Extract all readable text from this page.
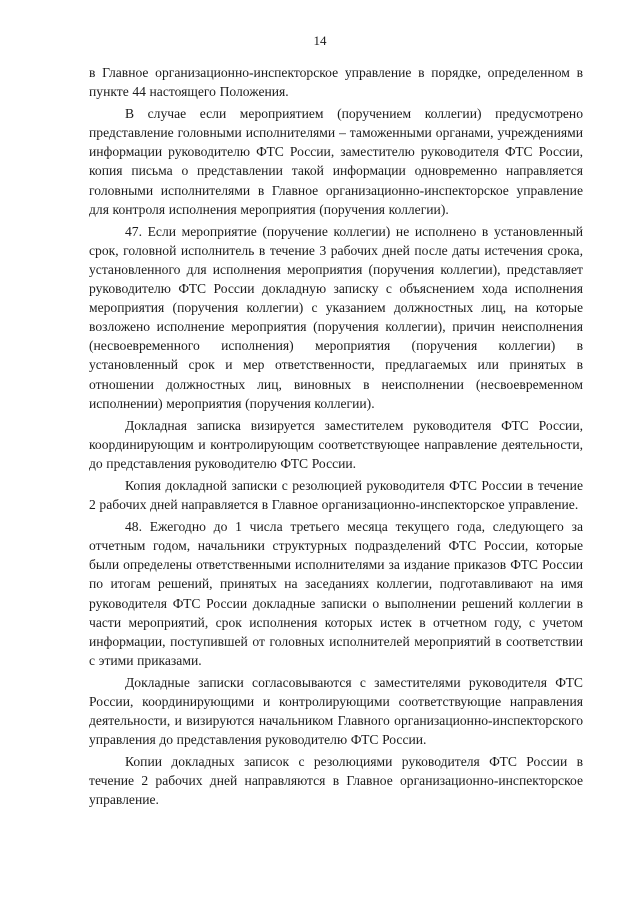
14

в Главное организационно-инспекторское управление в порядке, определенном в пункте 44 настоящего Положения.

В случае если мероприятием (поручением коллегии) предусмотрено представление головными исполнителями – таможенными органами, учреждениями информации руководителю ФТС России, заместителю руководителя ФТС России, копия письма о представлении такой информации одновременно направляется головными исполнителями в Главное организационно-инспекторское управление для контроля исполнения мероприятия (поручения коллегии).

47. Если мероприятие (поручение коллегии) не исполнено в установленный срок, головной исполнитель в течение 3 рабочих дней после даты истечения срока, установленного для исполнения мероприятия (поручения коллегии), представляет руководителю ФТС России докладную записку с объяснением хода исполнения мероприятия (поручения коллегии) с указанием должностных лиц, на которые возложено исполнение мероприятия (поручения коллегии), причин неисполнения (несвоевременного исполнения) мероприятия (поручения коллегии) в установленный срок и мер ответственности, предлагаемых или принятых в отношении должностных лиц, виновных в неисполнении (несвоевременном исполнении) мероприятия (поручения коллегии).

Докладная записка визируется заместителем руководителя ФТС России, координирующим и контролирующим соответствующее направление деятельности, до представления руководителю ФТС России.

Копия докладной записки с резолюцией руководителя ФТС России в течение 2 рабочих дней направляется в Главное организационно-инспекторское управление.

48. Ежегодно до 1 числа третьего месяца текущего года, следующего за отчетным годом, начальники структурных подразделений ФТС России, которые были определены ответственными исполнителями за издание приказов ФТС России по итогам решений, принятых на заседаниях коллегии, подготавливают на имя руководителя ФТС России докладные записки о выполнении решений коллегии в части мероприятий, срок исполнения которых истек в отчетном году, с учетом информации, поступившей от головных исполнителей мероприятий в соответствии с этими приказами.

Докладные записки согласовываются с заместителями руководителя ФТС России, координирующими и контролирующими соответствующие направления деятельности, и визируются начальником Главного организационно-инспекторского управления до представления руководителю ФТС России.

Копии докладных записок с резолюциями руководителя ФТС России в течение 2 рабочих дней направляются в Главное организационно-инспекторское управление.
